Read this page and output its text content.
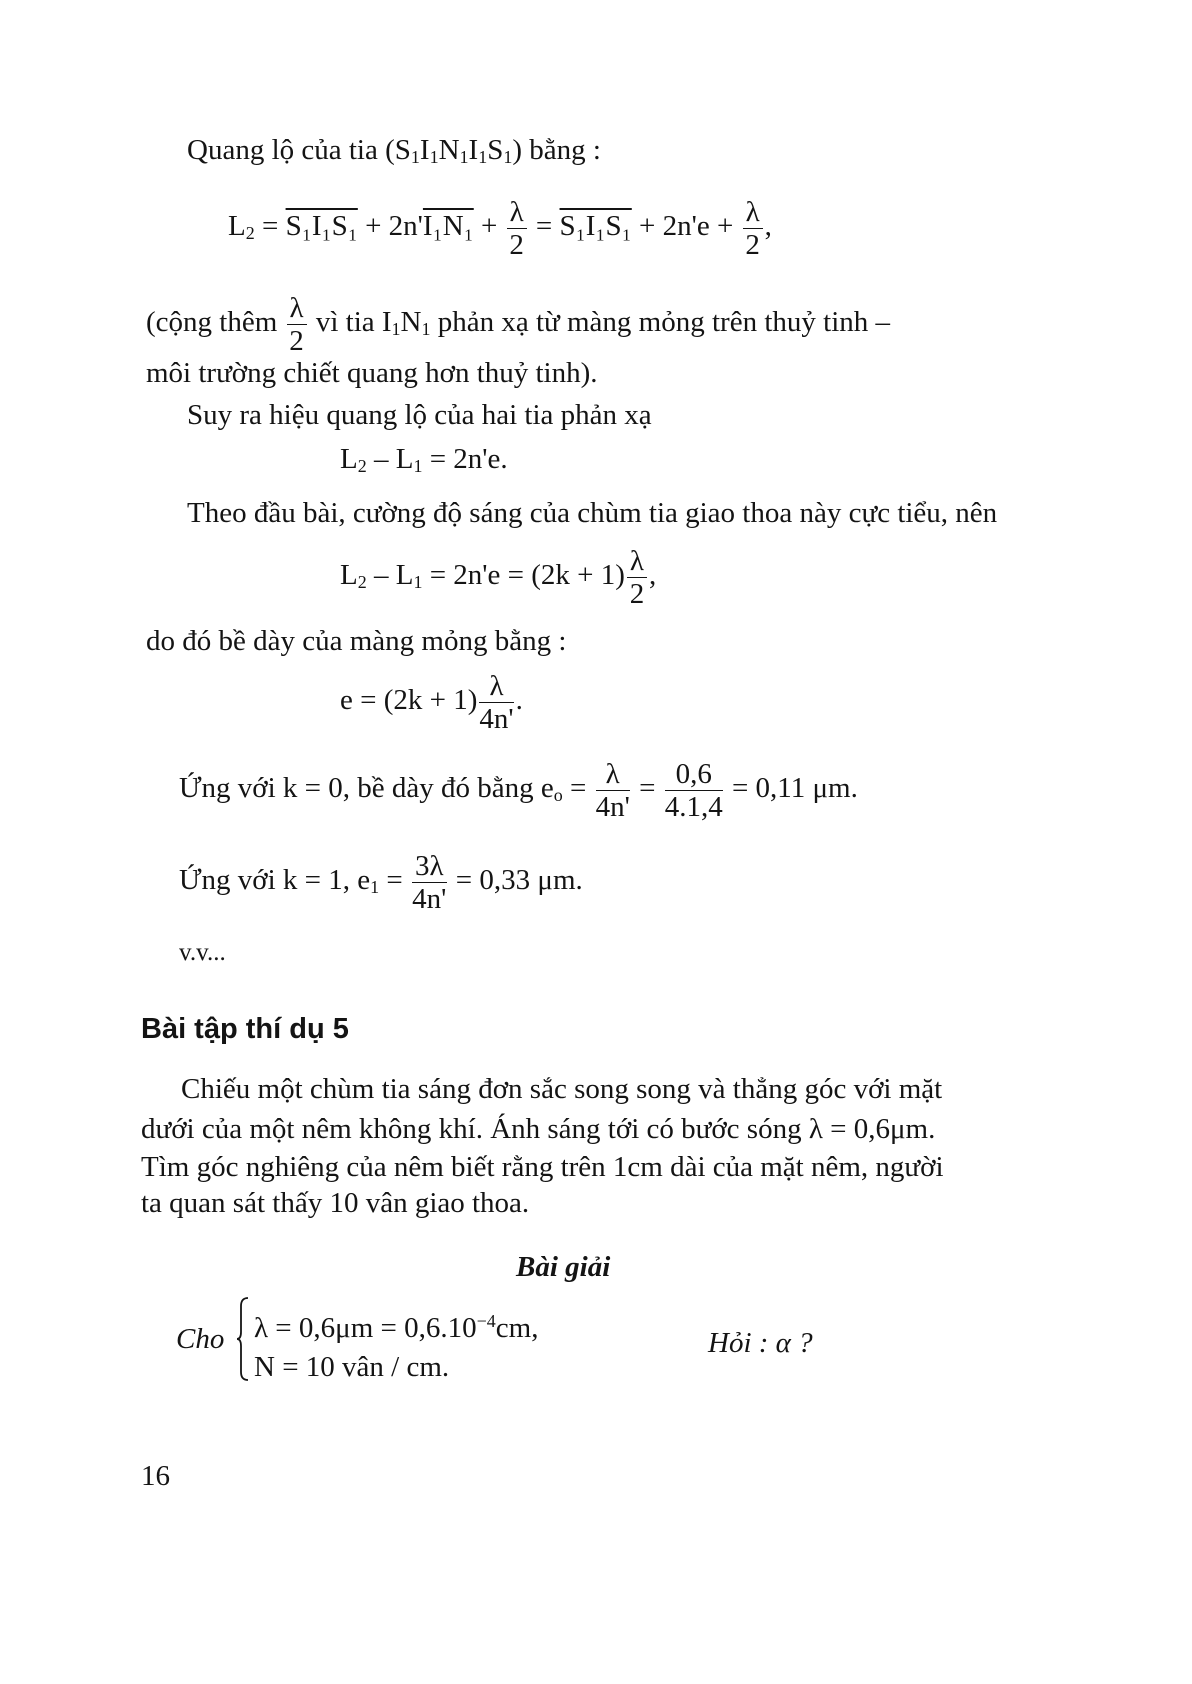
Quang lộ của tia $(S_1I_1N_1I_1S_1)$ bằng :
$L_2 = S_1I_1S_1 + 2n'I_1N_1 + \frac{\lambda}{2} = S_1I_1S_1 + 2n'e + \frac{\lambda}{2}$ ,
(cộng thêm $\frac{\lambda}{2}$ vì tia $I_1N_1$ phản xạ từ màng mỏng trên thuỷ tinh –
môi trường chiết quang hơn thuỷ tinh).
Suy ra hiệu quang lộ của hai tia phản xạ
$L_2 - L_1 = 2n'e$.
Theo đầu bài, cường độ sáng của chùm tia giao thoa này cực tiểu, nên
$L_2 - L_1 = 2n'e = (2k + 1) \frac{\lambda}{2}$ ,
do đó bề dày của màng mỏng bằng :
$e = (2k + 1) \frac{\lambda}{4n'}$ .
Ứng với k = 0, bề dày đó bằng $e_o = \frac{\lambda}{4n'} = \frac{0,6}{4.1,4} = 0,11$ μm.
Ứng với k = 1, $e_1 = \frac{3\lambda}{4n'} = 0,33$ μm.
v.v...
Bài tập thí dụ 5
Chiếu một chùm tia sáng đơn sắc song song và thẳng góc với mặt
dưới của một nêm không khí. Ánh sáng tới có bước sóng λ = 0,6μm.
Tìm góc nghiêng của nêm biết rằng trên 1cm dài của mặt nêm, người
ta quan sát thấy 10 vân giao thoa.
Bài giải
Cho $\lambda = 0,6\mu m = 0,6.10^{-4}cm$,
N = 10 vân / cm.
Hỏi : α ?
16
